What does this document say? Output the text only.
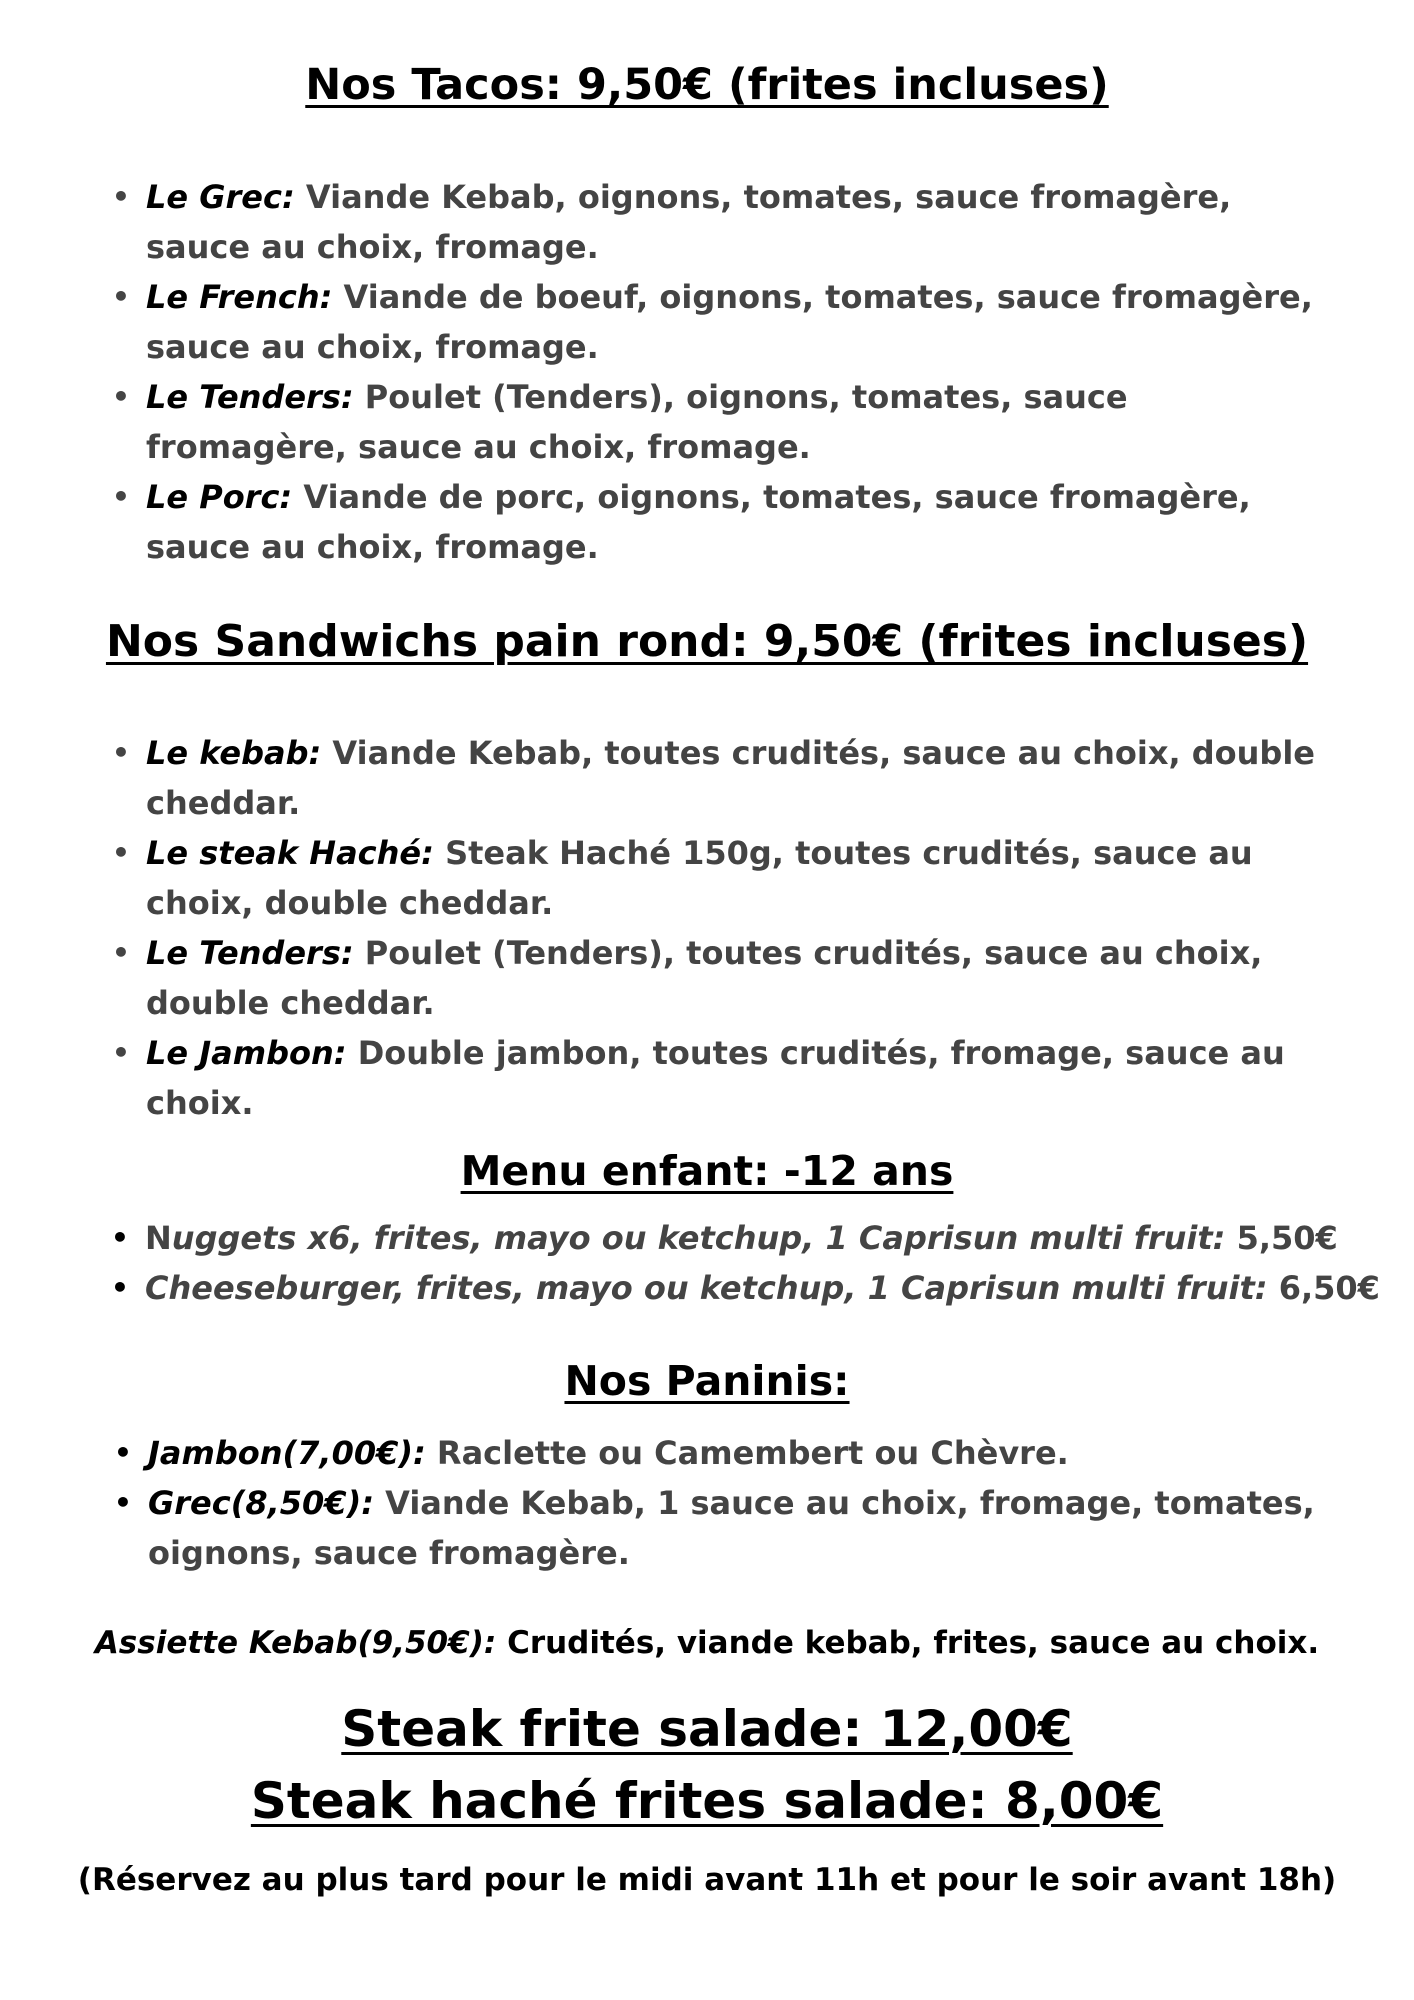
Nos Tacos: 9,50€ (frites incluses)
• Le Grec: Viande Kebab, oignons, tomates, sauce fromagère,
sauce au choix, fromage.
• Le French: Viande de boeuf, oignons, tomates, sauce fromagère,
sauce au choix, fromage.
• Le Tenders: Poulet (Tenders), oignons, tomates, sauce
fromagère, sauce au choix, fromage.
• Le Porc: Viande de porc, oignons, tomates, sauce fromagère,
sauce au choix, fromage.
Nos Sandwichs pain rond: 9,50€ (frites incluses)
• Le kebab: Viande Kebab, toutes crudités, sauce au choix, double
cheddar.
• Le steak Haché: Steak Haché 150g, toutes crudités, sauce au
choix, double cheddar.
• Le Tenders: Poulet (Tenders), toutes crudités, sauce au choix,
double cheddar.
• Le Jambon: Double jambon, toutes crudités, fromage, sauce au
choix.
Menu enfant: -12 ans
• Nuggets x6, frites, mayo ou ketchup, 1 Caprisun multi fruit: 5,50€
• Cheeseburger, frites, mayo ou ketchup, 1 Caprisun multi fruit: 6,50€
Nos Paninis:
• Jambon(7,00€): Raclette ou Camembert ou Chèvre.
• Grec(8,50€): Viande Kebab, 1 sauce au choix, fromage, tomates,
oignons, sauce fromagère.
Assiette Kebab(9,50€): Crudités, viande kebab, frites, sauce au choix.
Steak frite salade: 12,00€
Steak haché frites salade: 8,00€
(Réservez au plus tard pour le midi avant 11h et pour le soir avant 18h)
